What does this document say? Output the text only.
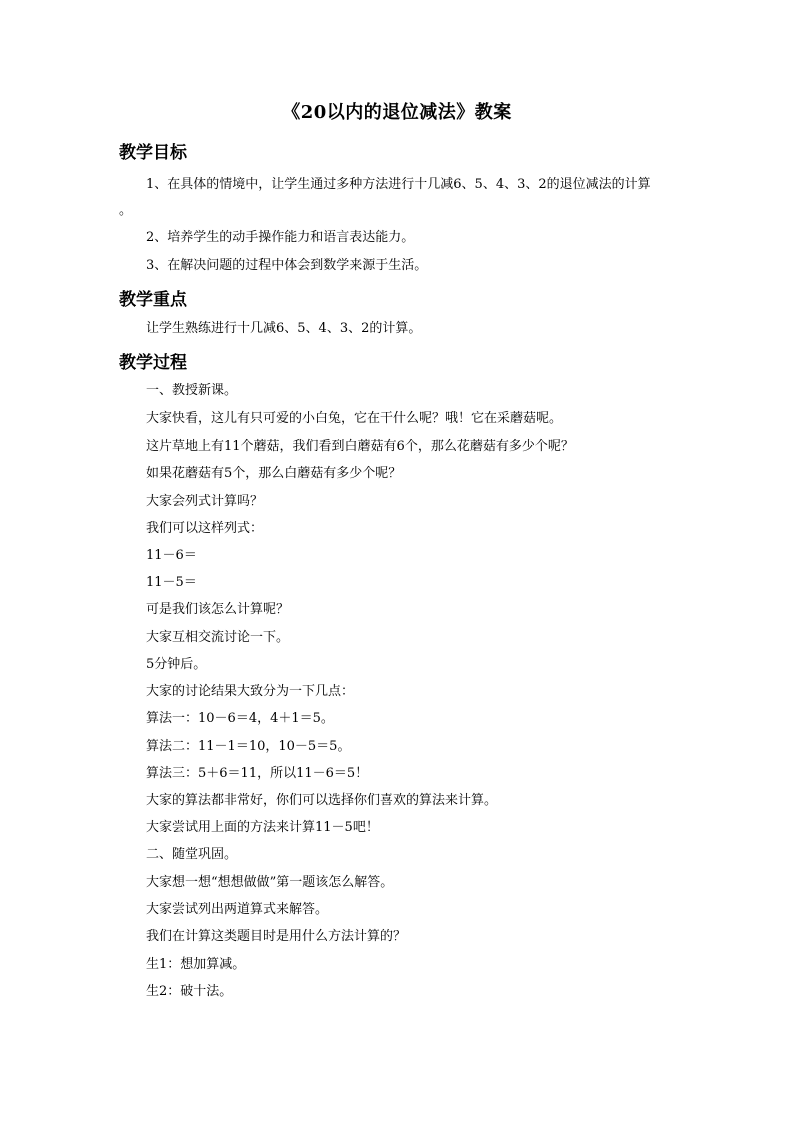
《20以内的退位减法》教案
教学目标
1、在具体的情境中，让学生通过多种方法进行十几减6、5、4、3、2的退位减法的计算
。
2、培养学生的动手操作能力和语言表达能力。
3、在解决问题的过程中体会到数学来源于生活。
教学重点
让学生熟练进行十几减6、5、4、3、2的计算。
教学过程
一、教授新课。
大家快看，这儿有只可爱的小白兔，它在干什么呢？哦！它在采蘑菇呢。
这片草地上有11个蘑菇，我们看到白蘑菇有6个，那么花蘑菇有多少个呢？
如果花蘑菇有5个，那么白蘑菇有多少个呢？
大家会列式计算吗？
我们可以这样列式：
11－6＝
11－5＝
可是我们该怎么计算呢？
大家互相交流讨论一下。
5分钟后。
大家的讨论结果大致分为一下几点：
算法一：10－6＝4，4＋1＝5。
算法二：11－1＝10，10－5＝5。
算法三：5＋6＝11，所以11－6＝5！
大家的算法都非常好，你们可以选择你们喜欢的算法来计算。
大家尝试用上面的方法来计算11－5吧！
二、随堂巩固。
大家想一想“想想做做”第一题该怎么解答。
大家尝试列出两道算式来解答。
我们在计算这类题目时是用什么方法计算的？
生1：想加算减。
生2：破十法。
